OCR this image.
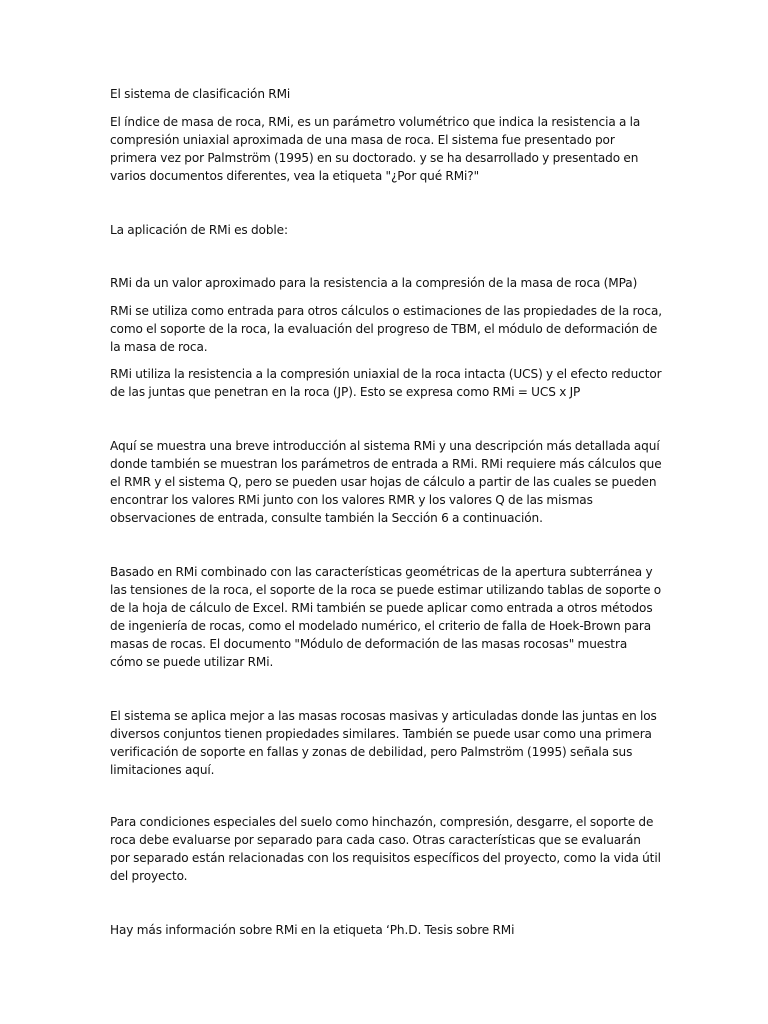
El sistema de clasificación RMi

El índice de masa de roca, RMi, es un parámetro volumétrico que indica la resistencia a la compresión uniaxial aproximada de una masa de roca. El sistema fue presentado por primera vez por Palmström (1995) en su doctorado. y se ha desarrollado y presentado en varios documentos diferentes, vea la etiqueta "¿Por qué RMi?"

La aplicación de RMi es doble:

RMi da un valor aproximado para la resistencia a la compresión de la masa de roca (MPa)

RMi se utiliza como entrada para otros cálculos o estimaciones de las propiedades de la roca, como el soporte de la roca, la evaluación del progreso de TBM, el módulo de deformación de la masa de roca.

RMi utiliza la resistencia a la compresión uniaxial de la roca intacta (UCS) y el efecto reductor de las juntas que penetran en la roca (JP). Esto se expresa como RMi = UCS x JP

Aquí se muestra una breve introducción al sistema RMi y una descripción más detallada aquí donde también se muestran los parámetros de entrada a RMi. RMi requiere más cálculos que el RMR y el sistema Q, pero se pueden usar hojas de cálculo a partir de las cuales se pueden encontrar los valores RMi junto con los valores RMR y los valores Q de las mismas observaciones de entrada, consulte también la Sección 6 a continuación.

Basado en RMi combinado con las características geométricas de la apertura subterránea y las tensiones de la roca, el soporte de la roca se puede estimar utilizando tablas de soporte o de la hoja de cálculo de Excel. RMi también se puede aplicar como entrada a otros métodos de ingeniería de rocas, como el modelado numérico, el criterio de falla de Hoek-Brown para masas de rocas. El documento "Módulo de deformación de las masas rocosas" muestra cómo se puede utilizar RMi.

El sistema se aplica mejor a las masas rocosas masivas y articuladas donde las juntas en los diversos conjuntos tienen propiedades similares. También se puede usar como una primera verificación de soporte en fallas y zonas de debilidad, pero Palmström (1995) señala sus limitaciones aquí.

Para condiciones especiales del suelo como hinchazón, compresión, desgarre, el soporte de roca debe evaluarse por separado para cada caso. Otras características que se evaluarán por separado están relacionadas con los requisitos específicos del proyecto, como la vida útil del proyecto.

Hay más información sobre RMi en la etiqueta ‘Ph.D. Tesis sobre RMi
